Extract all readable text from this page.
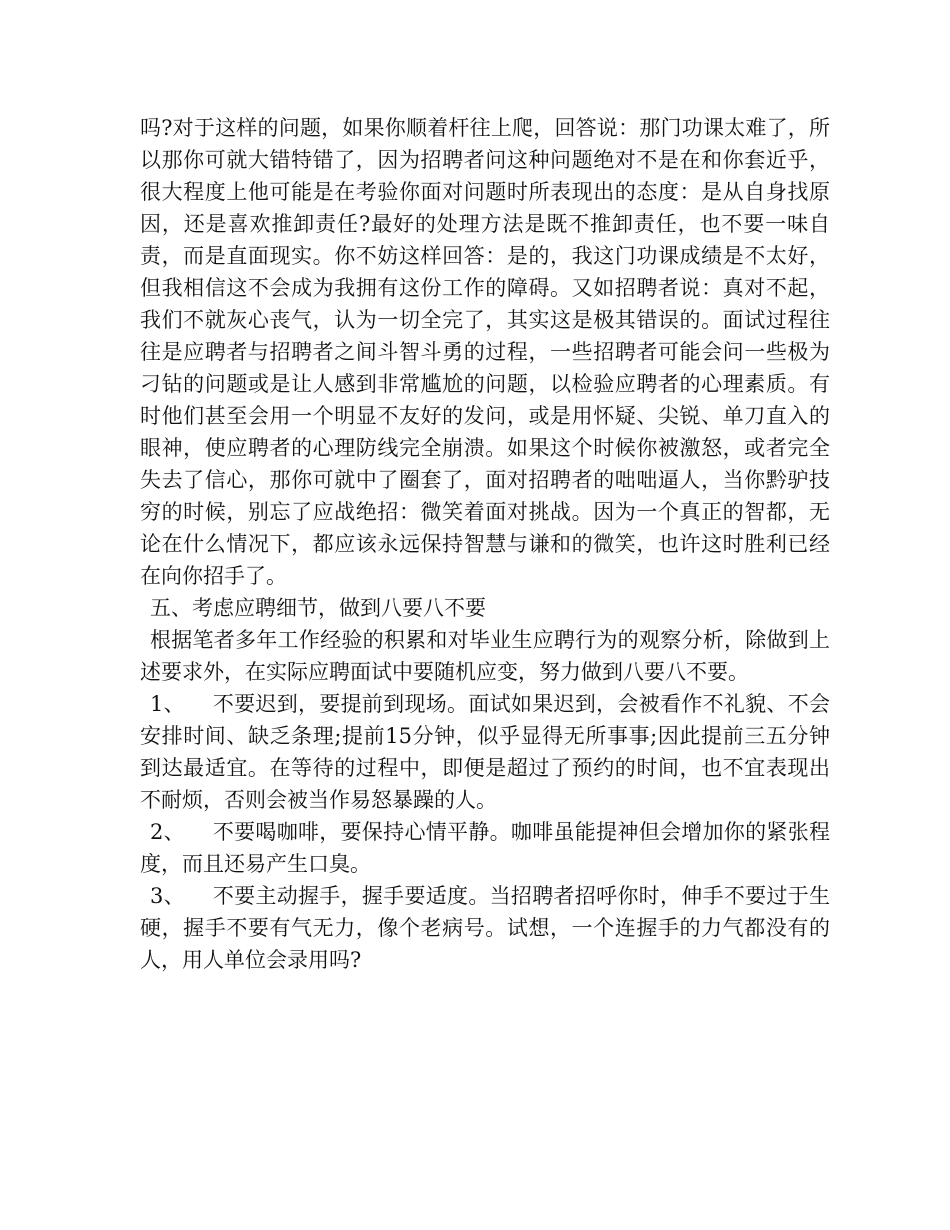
吗?对于这样的问题，如果你顺着杆往上爬，回答说：那门功课太难了，所以那你可就大错特错了，因为招聘者问这种问题绝对不是在和你套近乎，很大程度上他可能是在考验你面对问题时所表现出的态度：是从自身找原因，还是喜欢推卸责任?最好的处理方法是既不推卸责任，也不要一味自责，而是直面现实。你不妨这样回答：是的，我这门功课成绩是不太好，但我相信这不会成为我拥有这份工作的障碍。又如招聘者说：真对不起，我们不就灰心丧气，认为一切全完了，其实这是极其错误的。面试过程往往是应聘者与招聘者之间斗智斗勇的过程，一些招聘者可能会问一些极为刁钻的问题或是让人感到非常尴尬的问题，以检验应聘者的心理素质。有时他们甚至会用一个明显不友好的发问，或是用怀疑、尖锐、单刀直入的眼神，使应聘者的心理防线完全崩溃。如果这个时候你被激怒，或者完全失去了信心，那你可就中了圈套了，面对招聘者的咄咄逼人，当你黔驴技穷的时候，别忘了应战绝招：微笑着面对挑战。因为一个真正的智都，无论在什么情况下，都应该永远保持智慧与谦和的微笑，也许这时胜利已经在向你招手了。

五、考虑应聘细节，做到八要八不要

根据笔者多年工作经验的积累和对毕业生应聘行为的观察分析，除做到上述要求外，在实际应聘面试中要随机应变，努力做到八要八不要。

1、 不要迟到，要提前到现场。面试如果迟到，会被看作不礼貌、不会安排时间、缺乏条理;提前15分钟，似乎显得无所事事;因此提前三五分钟到达最适宜。在等待的过程中，即便是超过了预约的时间，也不宜表现出不耐烦，否则会被当作易怒暴躁的人。

2、 不要喝咖啡，要保持心情平静。咖啡虽能提神但会增加你的紧张程度，而且还易产生口臭。

3、 不要主动握手，握手要适度。当招聘者招呼你时，伸手不要过于生硬，握手不要有气无力，像个老病号。试想，一个连握手的力气都没有的人，用人单位会录用吗?
